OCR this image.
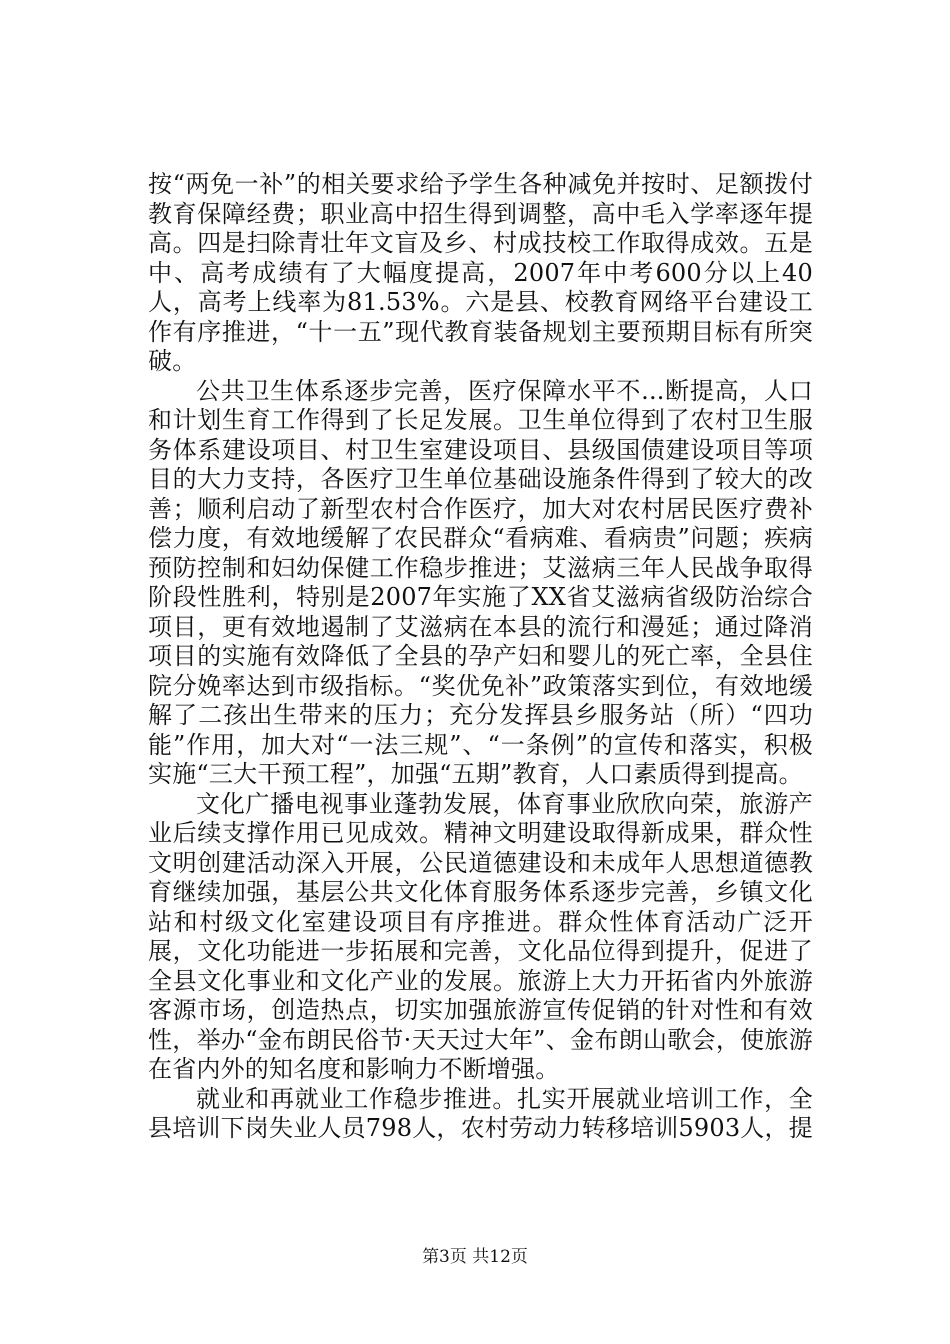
按“两免一补”的相关要求给予学生各种减免并按时、足额拨付教育保障经费；职业高中招生得到调整，高中毛入学率逐年提高。四是扫除青壮年文盲及乡、村成技校工作取得成效。五是中、高考成绩有了大幅度提高，2007年中考600分以上40人，高考上线率为81.53%。六是县、校教育网络平台建设工作有序推进，“十一五”现代教育装备规划主要预期目标有所突破。

公共卫生体系逐步完善，医疗保障水平不...断提高，人口和计划生育工作得到了长足发展。卫生单位得到了农村卫生服务体系建设项目、村卫生室建设项目、县级国债建设项目等项目的大力支持，各医疗卫生单位基础设施条件得到了较大的改善；顺利启动了新型农村合作医疗，加大对农村居民医疗费补偿力度，有效地缓解了农民群众“看病难、看病贵”问题；疾病预防控制和妇幼保健工作稳步推进；艾滋病三年人民战争取得阶段性胜利，特别是2007年实施了XX省艾滋病省级防治综合项目，更有效地遏制了艾滋病在本县的流行和漫延；通过降消项目的实施有效降低了全县的孕产妇和婴儿的死亡率，全县住院分娩率达到市级指标。“奖优免补”政策落实到位，有效地缓解了二孩出生带来的压力；充分发挥县乡服务站（所）“四功能”作用，加大对“一法三规”、“一条例”的宣传和落实，积极实施“三大干预工程”，加强“五期”教育，人口素质得到提高。

文化广播电视事业蓬勃发展，体育事业欣欣向荣，旅游产业后续支撑作用已见成效。精神文明建设取得新成果，群众性文明创建活动深入开展，公民道德建设和未成年人思想道德教育继续加强，基层公共文化体育服务体系逐步完善，乡镇文化站和村级文化室建设项目有序推进。群众性体育活动广泛开展，文化功能进一步拓展和完善，文化品位得到提升，促进了全县文化事业和文化产业的发展。旅游上大力开拓省内外旅游客源市场，创造热点，切实加强旅游宣传促销的针对性和有效性，举办“金布朗民俗节·天天过大年”、金布朗山歌会，使旅游在省内外的知名度和影响力不断增强。

就业和再就业工作稳步推进。扎实开展就业培训工作，全县培训下岗失业人员798人，农村劳动力转移培训5903人，提

第3页 共12页
